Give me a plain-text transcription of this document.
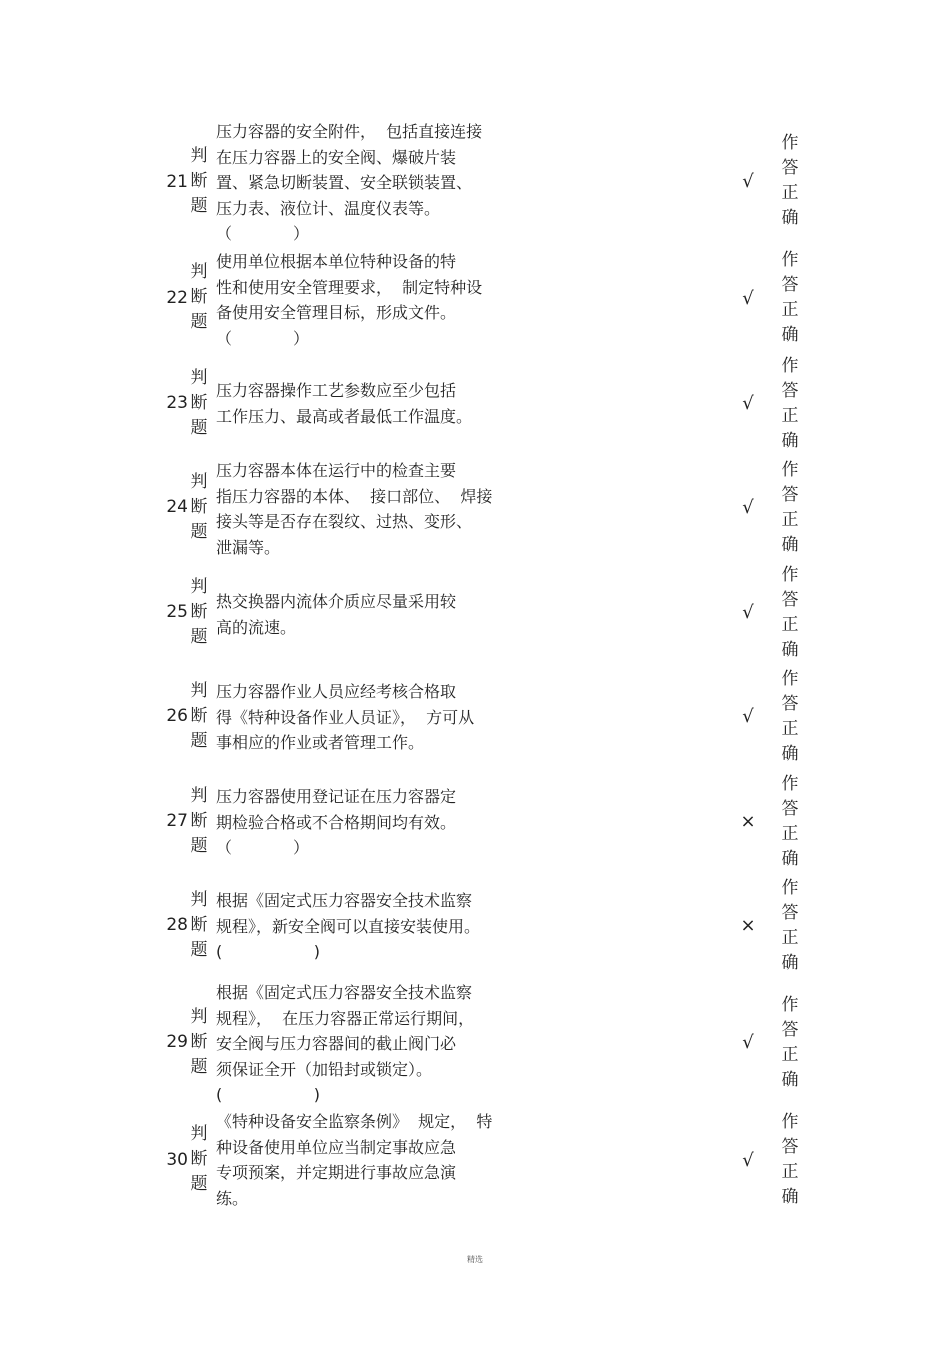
21
判
断
题
压力容器的安全附件，  包括直接连接
在压力容器上的安全阀、爆破片装
置、紧急切断装置、安全联锁装置、
压力表、液位计、温度仪表等。
（            ）
√
作
答
正
确
22
判
断
题
使用单位根据本单位特种设备的特
性和使用安全管理要求，  制定特种设
备使用安全管理目标，形成文件。
（            ）
√
作
答
正
确
23
判
断
题
压力容器操作工艺参数应至少包括
工作压力、最高或者最低工作温度。
√
作
答
正
确
24
判
断
题
压力容器本体在运行中的检查主要
指压力容器的本体、  接口部位、  焊接
接头等是否存在裂纹、过热、变形、
泄漏等。
√
作
答
正
确
25
判
断
题
热交换器内流体介质应尽量采用较
高的流速。
√
作
答
正
确
26
判
断
题
压力容器作业人员应经考核合格取
得《特种设备作业人员证》，  方可从
事相应的作业或者管理工作。
√
作
答
正
确
27
判
断
题
压力容器使用登记证在压力容器定
期检验合格或不合格期间均有效。
（            ）
×
作
答
正
确
28
判
断
题
根据《固定式压力容器安全技术监察
规程》，新安全阀可以直接安装使用。
(                  )
×
作
答
正
确
29
判
断
题
根据《固定式压力容器安全技术监察
规程》，  在压力容器正常运行期间，
安全阀与压力容器间的截止阀门必
须保证全开（加铅封或锁定）。
(                  )
√
作
答
正
确
30
判
断
题
《特种设备安全监察条例》  规定，  特
种设备使用单位应当制定事故应急
专项预案，并定期进行事故应急演
练。
√
作
答
正
确
精选
